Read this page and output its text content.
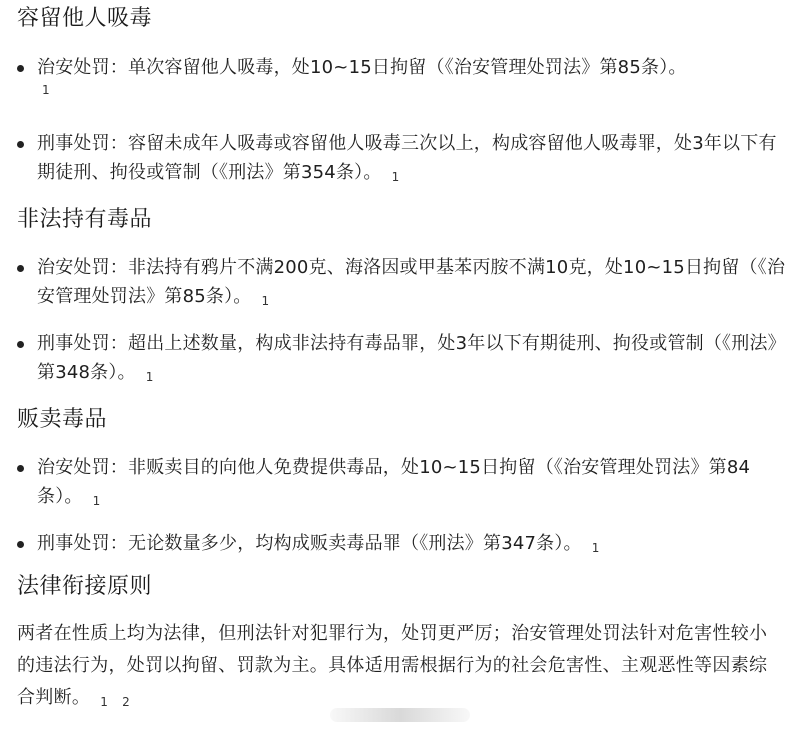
容留他人吸毒
治安处罚：单次容留他人吸毒，处10~15日拘留（《治安管理处罚法》第85条）。
1
刑事处罚：容留未成年人吸毒或容留他人吸毒三次以上，构成容留他人吸毒罪，处3年以下有期徒刑、拘役或管制（《刑法》第354条）。 $^1$
非法持有毒品
治安处罚：非法持有鸦片不满200克、海洛因或甲基苯丙胺不满10克，处10~15日拘留（《治安管理处罚法》第85条）。 $^1$
刑事处罚：超出上述数量，构成非法持有毒品罪，处3年以下有期徒刑、拘役或管制（《刑法》第348条）。 $^1$
贩卖毒品
治安处罚：非贩卖目的向他人免费提供毒品，处10~15日拘留（《治安管理处罚法》第84条）。 $^1$
刑事处罚：无论数量多少，均构成贩卖毒品罪（《刑法》第347条）。 $^1$
法律衔接原则
两者在性质上均为法律，但刑法针对犯罪行为，处罚更严厉；治安管理处罚法针对危害性较小的违法行为，处罚以拘留、罚款为主。具体适用需根据行为的社会危害性、主观恶性等因素综合判断。 $^1$ $^2$
